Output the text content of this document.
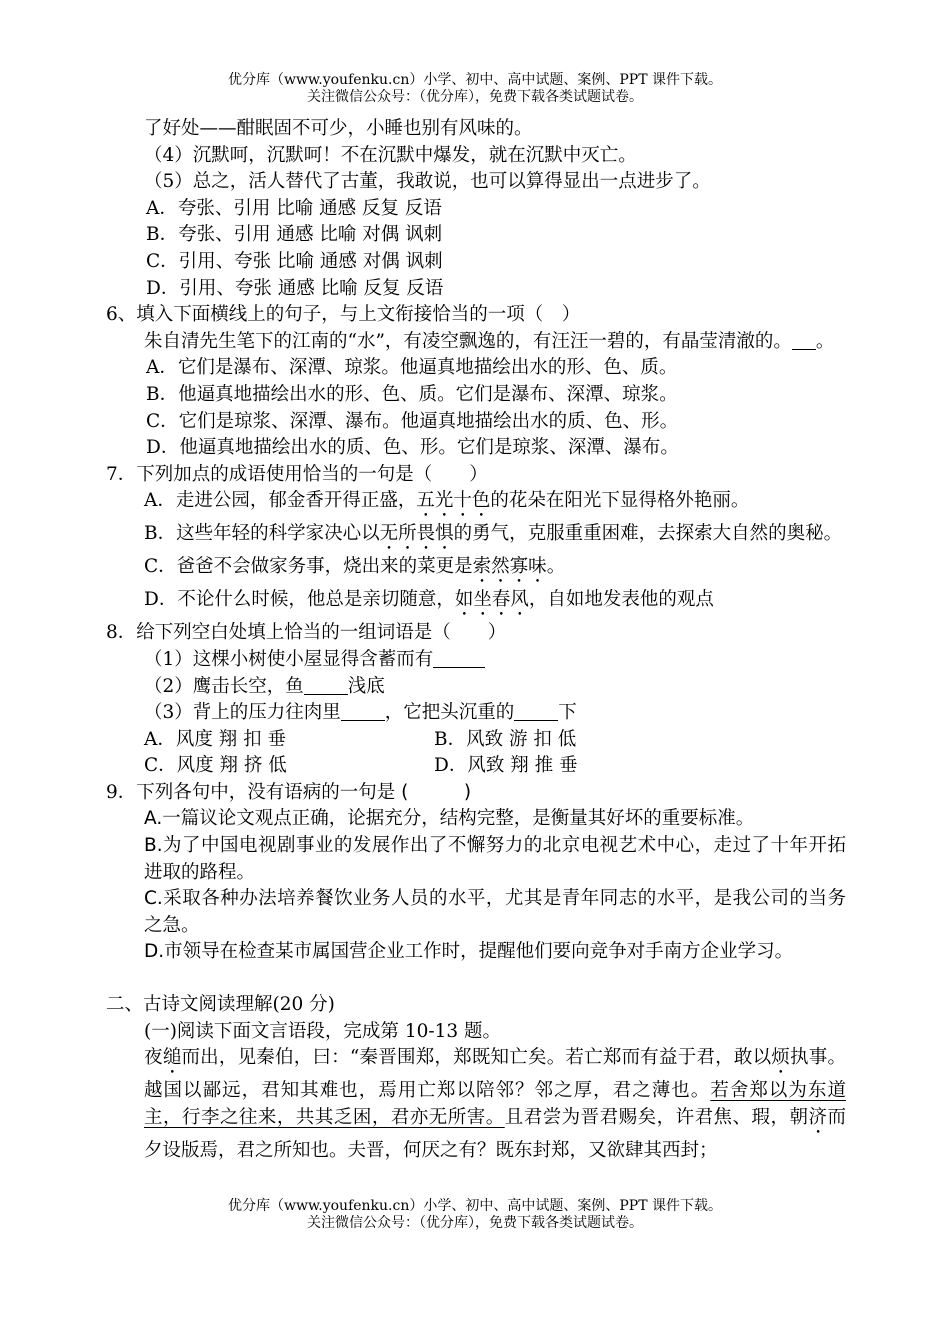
优分库（www.youfenku.cn）小学、初中、高中试题、案例、PPT 课件下载。
关注微信公众号：（优分库），免费下载各类试题试卷。

了好处——酣眠固不可少，小睡也别有风味的。

（4）沉默呵，沉默呵！不在沉默中爆发，就在沉默中灭亡。

（5）总之，活人替代了古董，我敢说，也可以算得显出一点进步了。

A．夸张、引用 比喻 通感 反复 反语

B．夸张、引用 通感 比喻 对偶 讽刺

C．引用、夸张 比喻 通感 对偶 讽刺

D．引用、夸张 通感 比喻 反复 反语

6、填入下面横线上的句子，与上文衔接恰当的一项（　）

朱自清先生笔下的江南的“水”，有凌空飘逸的，有汪汪一碧的，有晶莹清澈的。 。

A．它们是瀑布、深潭、琼浆。他逼真地描绘出水的形、色、质。

B．他逼真地描绘出水的形、色、质。它们是瀑布、深潭、琼浆。

C．它们是琼浆、深潭、瀑布。他逼真地描绘出水的质、色、形。

D．他逼真地描绘出水的质、色、形。它们是琼浆、深潭、瀑布。

7．下列加点的成语使用恰当的一句是（　　）

A．走进公园，郁金香开得正盛，五光十色的花朵在阳光下显得格外艳丽。

B．这些年轻的科学家决心以无所畏惧的勇气，克服重重困难，去探索大自然的奥秘。

C．爸爸不会做家务事，烧出来的菜更是索然寡味。

D．不论什么时候，他总是亲切随意，如坐春风，自如地发表他的观点

8．给下列空白处填上恰当的一组词语是（　　）

（1）这棵小树使小屋显得含蓄而有

（2）鹰击长空，鱼 浅底

（3）背上的压力往肉里 ，它把头沉重的 下

A．风度 翔 扣 垂	B．风致 游 扣 低

C．风度 翔 挤 低	D．风致 翔 推 垂

9．下列各句中，没有语病的一句是 (　　　)

A.一篇议论文观点正确，论据充分，结构完整，是衡量其好坏的重要标准。

B.为了中国电视剧事业的发展作出了不懈努力的北京电视艺术中心，走过了十年开拓进取的路程。

C.采取各种办法培养餐饮业务人员的水平，尤其是青年同志的水平，是我公司的当务之急。

D.市领导在检查某市属国营企业工作时，提醒他们要向竞争对手南方企业学习。

二、古诗文阅读理解(20 分)

(一)阅读下面文言语段，完成第 10-13 题。

夜缒而出，见秦伯，曰：“秦晋围郑，郑既知亡矣。若亡郑而有益于君，敢以烦执事。越国以鄙远，君知其难也，焉用亡郑以陪邻？邻之厚，君之薄也。若舍郑以为东道主，行李之往来，共其乏困，君亦无所害。且君尝为晋君赐矣，许君焦、瑕，朝济而夕设版焉，君之所知也。夫晋，何厌之有？既东封郑，又欲肆其西封；

优分库（www.youfenku.cn）小学、初中、高中试题、案例、PPT 课件下载。
关注微信公众号：（优分库），免费下载各类试题试卷。
